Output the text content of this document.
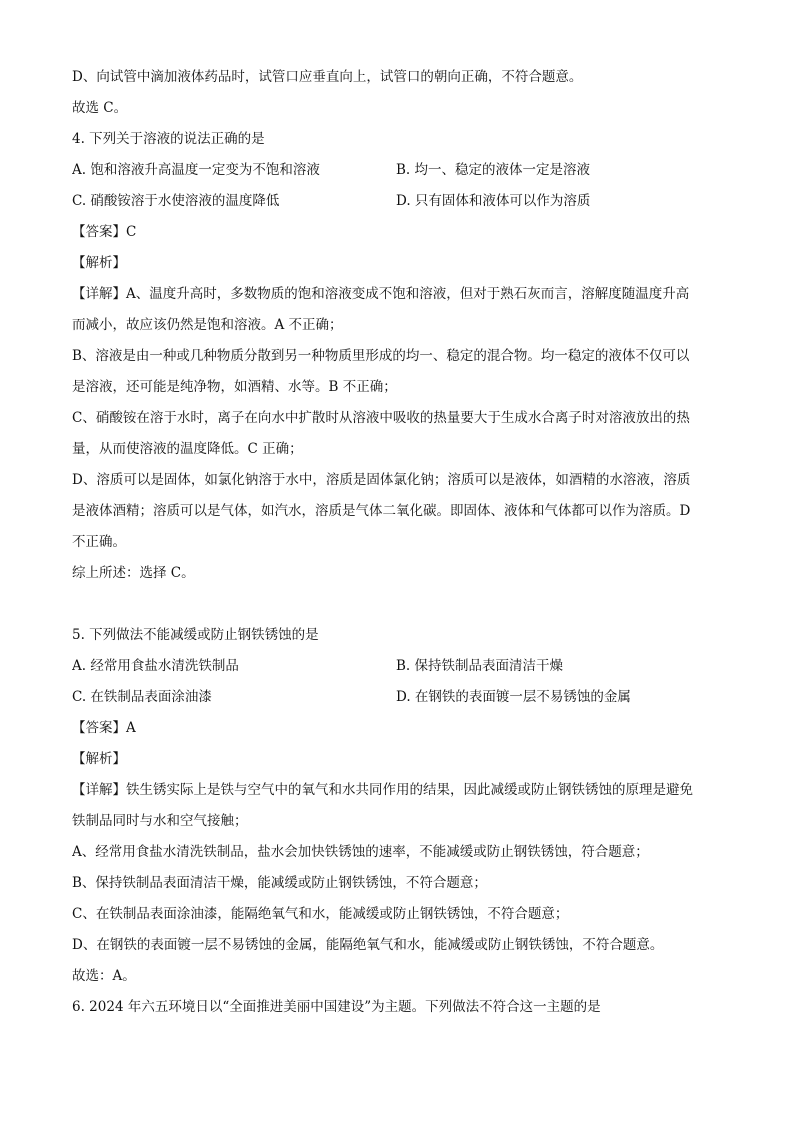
D、向试管中滴加液体药品时，试管口应垂直向上，试管口的朝向正确，不符合题意。
故选 C。
4. 下列关于溶液的说法正确的是
A. 饱和溶液升高温度一定变为不饱和溶液	B. 均一、稳定的液体一定是溶液
C. 硝酸铵溶于水使溶液的温度降低	D. 只有固体和液体可以作为溶质
【答案】C
【解析】
【详解】A、温度升高时，多数物质的饱和溶液变成不饱和溶液，但对于熟石灰而言，溶解度随温度升高
而减小，故应该仍然是饱和溶液。A 不正确；
B、溶液是由一种或几种物质分散到另一种物质里形成的均一、稳定的混合物。均一稳定的液体不仅可以
是溶液，还可能是纯净物，如酒精、水等。B 不正确；
C、硝酸铵在溶于水时，离子在向水中扩散时从溶液中吸收的热量要大于生成水合离子时对溶液放出的热
量，从而使溶液的温度降低。C 正确；
D、溶质可以是固体，如氯化钠溶于水中，溶质是固体氯化钠；溶质可以是液体，如酒精的水溶液，溶质
是液体酒精；溶质可以是气体，如汽水，溶质是气体二氧化碳。即固体、液体和气体都可以作为溶质。D
不正确。
综上所述：选择 C。
5. 下列做法不能减缓或防止钢铁锈蚀的是
A. 经常用食盐水清洗铁制品	B. 保持铁制品表面清洁干燥
C. 在铁制品表面涂油漆	D. 在钢铁的表面镀一层不易锈蚀的金属
【答案】A
【解析】
【详解】铁生锈实际上是铁与空气中的氧气和水共同作用的结果，因此减缓或防止钢铁锈蚀的原理是避免
铁制品同时与水和空气接触；
A、经常用食盐水清洗铁制品，盐水会加快铁锈蚀的速率，不能减缓或防止钢铁锈蚀，符合题意；
B、保持铁制品表面清洁干燥，能减缓或防止钢铁锈蚀，不符合题意；
C、在铁制品表面涂油漆，能隔绝氧气和水，能减缓或防止钢铁锈蚀，不符合题意；
D、在钢铁的表面镀一层不易锈蚀的金属，能隔绝氧气和水，能减缓或防止钢铁锈蚀，不符合题意。
故选：A。
6. 2024 年六五环境日以“全面推进美丽中国建设”为主题。下列做法不符合这一主题的是
